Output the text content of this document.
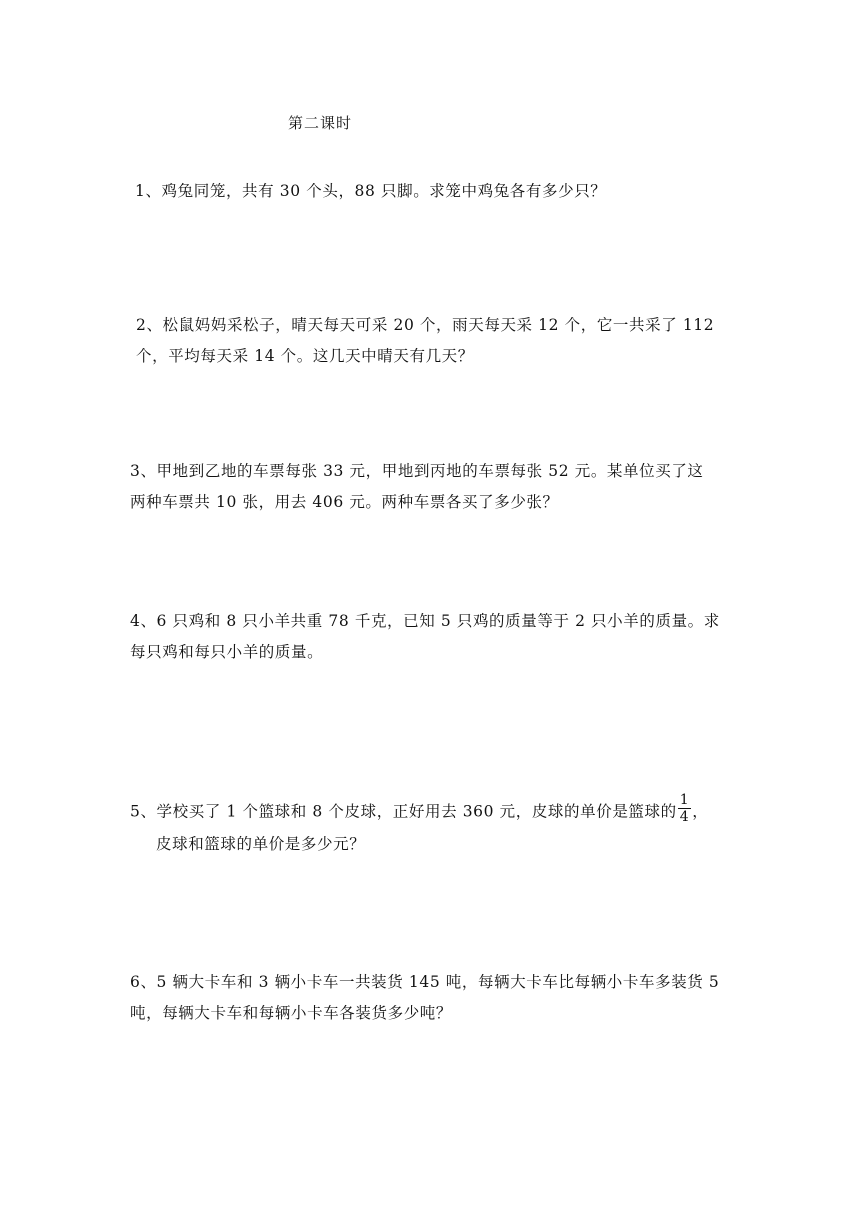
第二课时
1、鸡兔同笼，共有 30 个头，88 只脚。求笼中鸡兔各有多少只？
2、松鼠妈妈采松子，晴天每天可采 20 个，雨天每天采 12 个，它一共采了 112
个，平均每天采 14 个。这几天中晴天有几天？
3、甲地到乙地的车票每张 33 元，甲地到丙地的车票每张 52 元。某单位买了这
两种车票共 10 张，用去 406 元。两种车票各买了多少张？
4、6 只鸡和 8 只小羊共重 78 千克，已知 5 只鸡的质量等于 2 只小羊的质量。求
每只鸡和每只小羊的质量。
5、学校买了 1 个篮球和 8 个皮球，正好用去 360 元，皮球的单价是篮球的 $\frac{1}{4}$ ，
皮球和篮球的单价是多少元？
6、5 辆大卡车和 3 辆小卡车一共装货 145 吨，每辆大卡车比每辆小卡车多装货 5
吨，每辆大卡车和每辆小卡车各装货多少吨？
